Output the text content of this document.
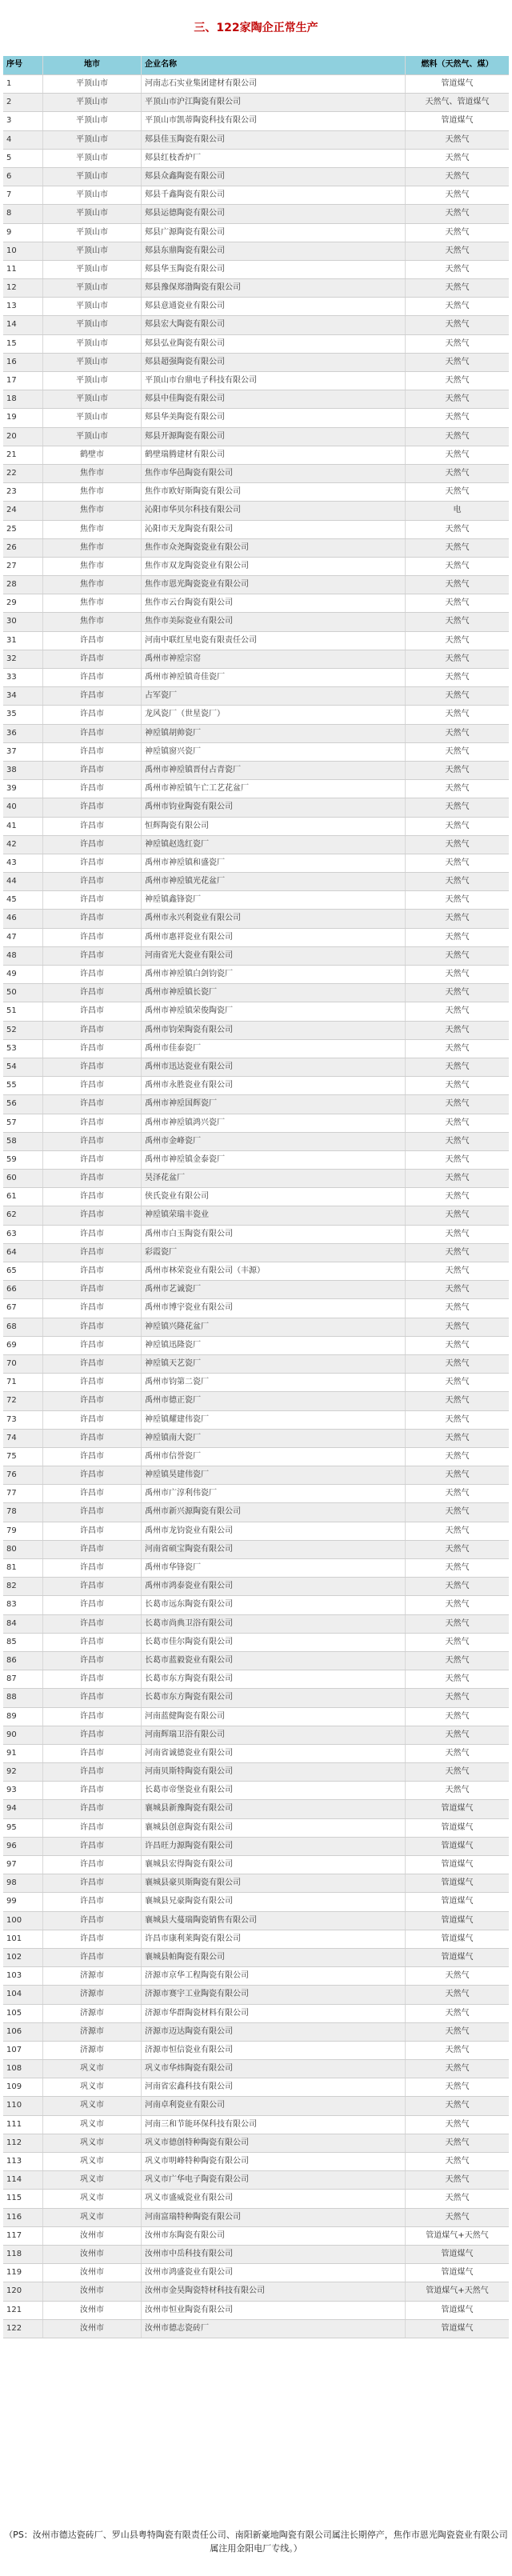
三、122家陶企正常生产
序号	地市	企业名称	燃料（天然气、煤）
1	平顶山市	河南志石实业集团建材有限公司	管道煤气
2	平顶山市	平顶山市沪江陶瓷有限公司	天然气、管道煤气
3	平顶山市	平顶山市凯蒂陶瓷科技有限公司	管道煤气
4	平顶山市	郏县佳玉陶瓷有限公司	天然气
5	平顶山市	郏县红枝香炉厂	天然气
6	平顶山市	郏县众鑫陶瓷有限公司	天然气
7	平顶山市	郏县千鑫陶瓷有限公司	天然气
8	平顶山市	郏县运德陶瓷有限公司	天然气
9	平顶山市	郏县广源陶瓷有限公司	天然气
10	平顶山市	郏县东鼎陶瓷有限公司	天然气
11	平顶山市	郏县华玉陶瓷有限公司	天然气
12	平顶山市	郏县豫保郑渤陶瓷有限公司	天然气
13	平顶山市	郏县意通瓷业有限公司	天然气
14	平顶山市	郏县宏大陶瓷有限公司	天然气
15	平顶山市	郏县弘业陶瓷有限公司	天然气
16	平顶山市	郏县超强陶瓷有限公司	天然气
17	平顶山市	平顶山市台鼎电子科技有限公司	天然气
18	平顶山市	郏县中佳陶瓷有限公司	天然气
19	平顶山市	郏县华美陶瓷有限公司	天然气
20	平顶山市	郏县开源陶瓷有限公司	天然气
21	鹤壁市	鹤壁瑞腾建材有限公司	天然气
22	焦作市	焦作市华邑陶瓷有限公司	天然气
23	焦作市	焦作市欧好斯陶瓷有限公司	天然气
24	焦作市	沁阳市华贝尔科技有限公司	电
25	焦作市	沁阳市天龙陶瓷有限公司	天然气
26	焦作市	焦作市众尧陶瓷瓷业有限公司	天然气
27	焦作市	焦作市双龙陶瓷瓷业有限公司	天然气
28	焦作市	焦作市恩光陶瓷瓷业有限公司	天然气
29	焦作市	焦作市云台陶瓷有限公司	天然气
30	焦作市	焦作市美际瓷业有限公司	天然气
31	许昌市	河南中联红星电瓷有限责任公司	天然气
32	许昌市	禹州市神垕宗窑	天然气
33	许昌市	禹州市神垕镇奇佳瓷厂	天然气
34	许昌市	占军瓷厂	天然气
35	许昌市	龙风瓷厂（世星瓷厂）	天然气
36	许昌市	神垕镇胡帅瓷厂	天然气
37	许昌市	神垕镇窗兴瓷厂	天然气
38	许昌市	禹州市神垕镇晋付占青瓷厂	天然气
39	许昌市	禹州市神垕镇午亡工艺花盆厂	天然气
40	许昌市	禹州市钧业陶瓷有限公司	天然气
41	许昌市	恒辉陶瓷有限公司	天然气
42	许昌市	神垕镇赵选红瓷厂	天然气
43	许昌市	禹州市神垕镇和盛瓷厂	天然气
44	许昌市	禹州市神垕镇光花盆厂	天然气
45	许昌市	神垕镇鑫锋瓷厂	天然气
46	许昌市	禹州市永兴利瓷业有限公司	天然气
47	许昌市	禹州市惠祥瓷业有限公司	天然气
48	许昌市	河南省光大瓷业有限公司	天然气
49	许昌市	禹州市神垕镇白剑钧瓷厂	天然气
50	许昌市	禹州市神垕镇长瓷厂	天然气
51	许昌市	禹州市神垕镇荣俊陶瓷厂	天然气
52	许昌市	禹州市钧荣陶瓷有限公司	天然气
53	许昌市	禹州市佳泰瓷厂	天然气
54	许昌市	禹州市迅达瓷业有限公司	天然气
55	许昌市	禹州市永胜瓷业有限公司	天然气
56	许昌市	禹州市神垕国辉瓷厂	天然气
57	许昌市	禹州市神垕镇鸿兴瓷厂	天然气
58	许昌市	禹州市金峰瓷厂	天然气
59	许昌市	禹州市神垕镇金泰瓷厂	天然气
60	许昌市	昊泽花盆厂	天然气
61	许昌市	侠氏瓷业有限公司	天然气
62	许昌市	神垕镇荣瑞丰瓷业	天然气
63	许昌市	禹州市白玉陶瓷有限公司	天然气
64	许昌市	彩霞瓷厂	天然气
65	许昌市	禹州市林荣瓷业有限公司（丰源）	天然气
66	许昌市	禹州市艺诚瓷厂	天然气
67	许昌市	禹州市博宇瓷业有限公司	天然气
68	许昌市	神垕镇兴隆花盆厂	天然气
69	许昌市	神垕镇迅隆瓷厂	天然气
70	许昌市	神垕镇天艺瓷厂	天然气
71	许昌市	禹州市钧第二瓷厂	天然气
72	许昌市	禹州市德正瓷厂	天然气
73	许昌市	神垕镇耀建伟瓷厂	天然气
74	许昌市	神垕镇南大瓷厂	天然气
75	许昌市	禹州市信誉瓷厂	天然气
76	许昌市	神垕镇昊建伟瓷厂	天然气
77	许昌市	禹州市广淳利伟瓷厂	天然气
78	许昌市	禹州市新兴源陶瓷有限公司	天然气
79	许昌市	禹州市龙钧瓷业有限公司	天然气
80	许昌市	河南省硕宝陶瓷有限公司	天然气
81	许昌市	禹州市华锋瓷厂	天然气
82	许昌市	禹州市鸿泰瓷业有限公司	天然气
83	许昌市	长葛市远东陶瓷有限公司	天然气
84	许昌市	长葛市尚典卫浴有限公司	天然气
85	许昌市	长葛市佳尔陶瓷有限公司	天然气
86	许昌市	长葛市蓝毅瓷业有限公司	天然气
87	许昌市	长葛市东方陶瓷有限公司	天然气
88	许昌市	长葛市东方陶瓷有限公司	天然气
89	许昌市	河南蓝健陶瓷有限公司	天然气
90	许昌市	河南辉瑞卫浴有限公司	天然气
91	许昌市	河南省诚德瓷业有限公司	天然气
92	许昌市	河南贝斯特陶瓷有限公司	天然气
93	许昌市	长葛市帝堡瓷业有限公司	天然气
94	许昌市	襄城县新豫陶瓷有限公司	管道煤气
95	许昌市	襄城县创意陶瓷有限公司	管道煤气
96	许昌市	许昌旺力源陶瓷有限公司	管道煤气
97	许昌市	襄城县宏得陶瓷有限公司	管道煤气
98	许昌市	襄城县豪贝斯陶瓷有限公司	管道煤气
99	许昌市	襄城县兄豪陶瓷有限公司	管道煤气
100	许昌市	襄城县大蔓瑞陶瓷销售有限公司	管道煤气
101	许昌市	许昌市康利莱陶瓷有限公司	管道煤气
102	许昌市	襄城县帕陶瓷有限公司	管道煤气
103	济源市	济源市京华工程陶瓷有限公司	天然气
104	济源市	济源市赛宇工业陶瓷有限公司	天然气
105	济源市	济源市华群陶瓷材料有限公司	天然气
106	济源市	济源市迈达陶瓷有限公司	天然气
107	济源市	济源市恒信瓷业有限公司	天然气
108	巩义市	巩义市华炜陶瓷有限公司	天然气
109	巩义市	河南省宏鑫科技有限公司	天然气
110	巩义市	河南卓利瓷业有限公司	天然气
111	巩义市	河南三和节能环保科技有限公司	天然气
112	巩义市	巩义市德创特种陶瓷有限公司	天然气
113	巩义市	巩义市明峰特种陶瓷有限公司	天然气
114	巩义市	巩义市广华电子陶瓷有限公司	天然气
115	巩义市	巩义市盛威瓷业有限公司	天然气
116	巩义市	河南富瑞特种陶瓷有限公司	天然气
117	汝州市	汝州市东陶瓷有限公司	管道煤气+天然气
118	汝州市	汝州市中岳科技有限公司	管道煤气
119	汝州市	汝州市鸿盛瓷业有限公司	管道煤气
120	汝州市	汝州市金昊陶瓷特材科技有限公司	管道煤气+天然气
121	汝州市	汝州市恒业陶瓷有限公司	管道煤气
122	汝州市	汝州市德志瓷砖厂	管道煤气
（PS：汝州市德达瓷砖厂、罗山县粤特陶瓷有限责任公司、南阳新豪地陶瓷有限公司属注长期停产，焦作市恩光陶瓷瓷业有限公司属注用金阳电厂专线。）
